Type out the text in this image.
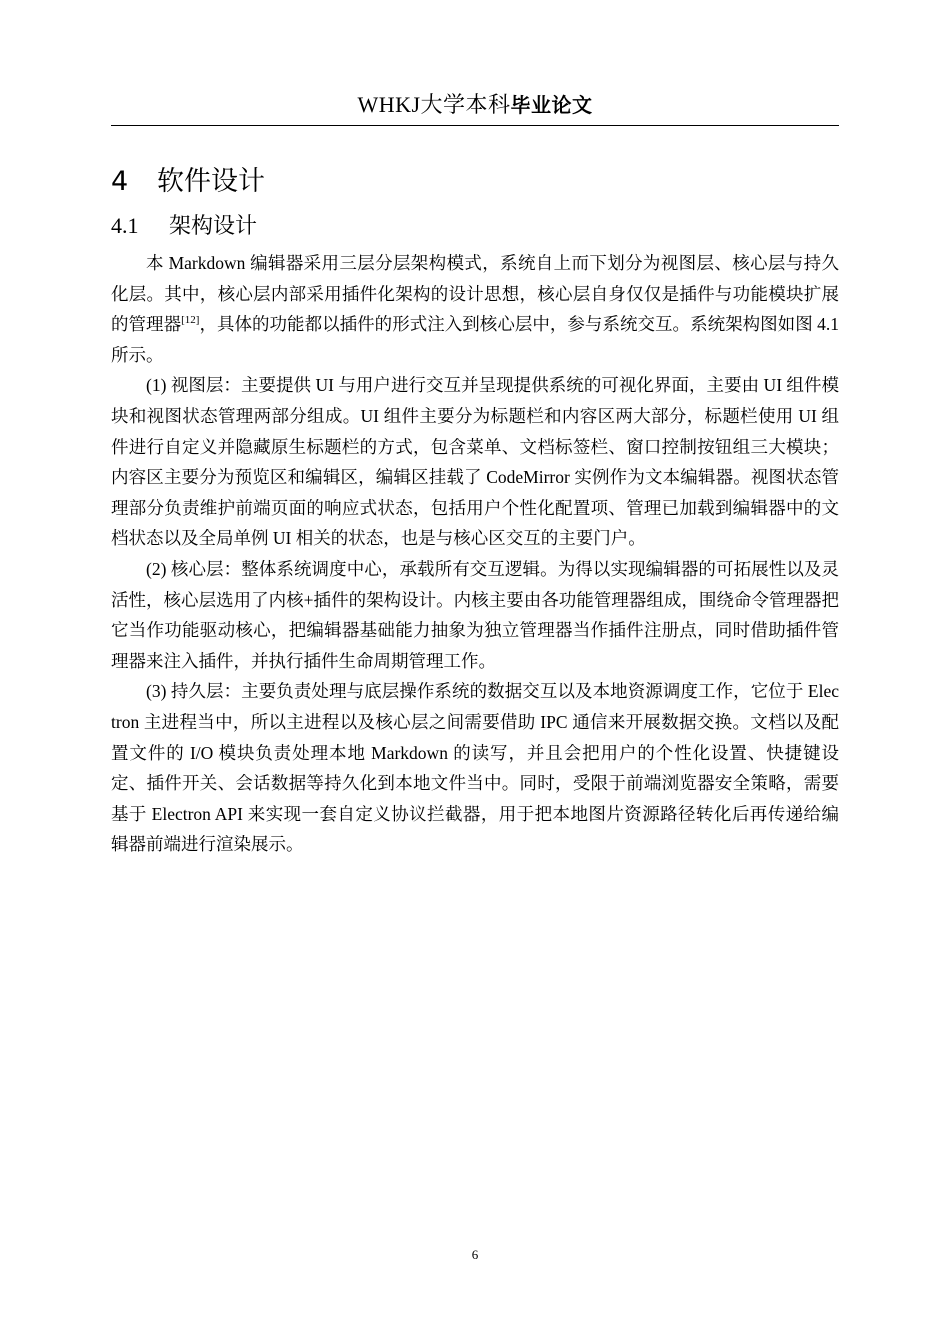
WHKJ大学本科毕业论文
4 软件设计
4.1 架构设计

本 Markdown 编辑器采用三层分层架构模式，系统自上而下划分为视图层、核心层与持久化层。其中，核心层内部采用插件化架构的设计思想，核心层自身仅仅是插件与功能模块扩展的管理器[12]，具体的功能都以插件的形式注入到核心层中，参与系统交互。系统架构图如图 4.1 所示。

(1) 视图层：主要提供 UI 与用户进行交互并呈现提供系统的可视化界面，主要由 UI 组件模块和视图状态管理两部分组成。UI 组件主要分为标题栏和内容区两大部分，标题栏使用 UI 组件进行自定义并隐藏原生标题栏的方式，包含菜单、文档标签栏、窗口控制按钮组三大模块；内容区主要分为预览区和编辑区，编辑区挂载了 CodeMirror 实例作为文本编辑器。视图状态管理部分负责维护前端页面的响应式状态，包括用户个性化配置项、管理已加载到编辑器中的文档状态以及全局单例 UI 相关的状态，也是与核心区交互的主要门户。

(2) 核心层：整体系统调度中心，承载所有交互逻辑。为得以实现编辑器的可拓展性以及灵活性，核心层选用了内核+插件的架构设计。内核主要由各功能管理器组成，围绕命令管理器把它当作功能驱动核心，把编辑器基础能力抽象为独立管理器当作插件注册点，同时借助插件管理器来注入插件，并执行插件生命周期管理工作。

(3) 持久层：主要负责处理与底层操作系统的数据交互以及本地资源调度工作，它位于 Electron 主进程当中，所以主进程以及核心层之间需要借助 IPC 通信来开展数据交换。文档以及配置文件的 I/O 模块负责处理本地 Markdown 的读写，并且会把用户的个性化设置、快捷键设定、插件开关、会话数据等持久化到本地文件当中。同时，受限于前端浏览器安全策略，需要基于 Electron API 来实现一套自定义协议拦截器，用于把本地图片资源路径转化后再传递给编辑器前端进行渲染展示。

6
